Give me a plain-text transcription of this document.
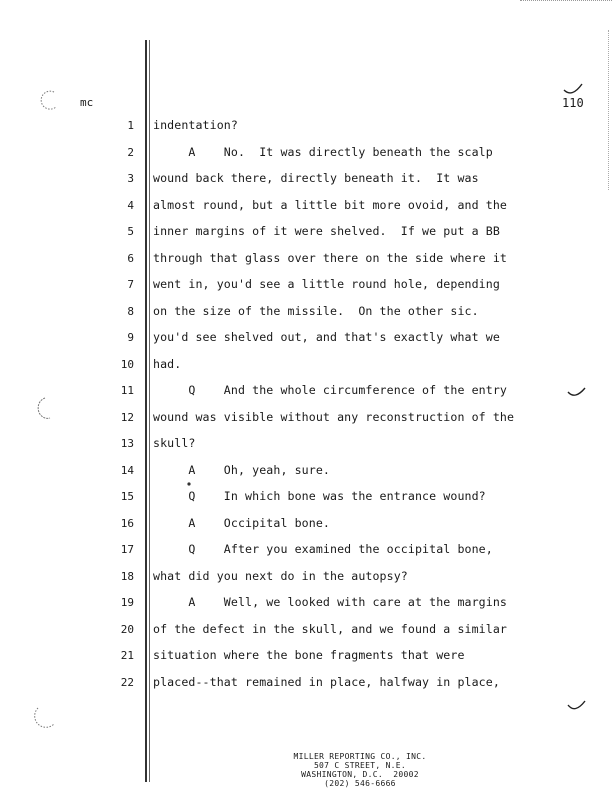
mc	110
1 indentation?
2 A    No.  It was directly beneath the scalp
3 wound back there, directly beneath it.  It was
4 almost round, but a little bit more ovoid, and the
5 inner margins of it were shelved.  If we put a BB
6 through that glass over there on the side where it
7 went in, you'd see a little round hole, depending
8 on the size of the missile.  On the other sic.
9 you'd see shelved out, and that's exactly what we
10 had.
11 Q    And the whole circumference of the entry
12 wound was visible without any reconstruction of the
13 skull?
14 A    Oh, yeah, sure.
15 Q    In which bone was the entrance wound?
16 A    Occipital bone.
17 Q    After you examined the occipital bone,
18 what did you next do in the autopsy?
19 A    Well, we looked with care at the margins
20 of the defect in the skull, and we found a similar
21 situation where the bone fragments that were
22 placed--that remained in place, halfway in place,
MILLER REPORTING CO., INC.
507 C STREET, N.E.
WASHINGTON, D.C.  20002
(202) 546-6666
